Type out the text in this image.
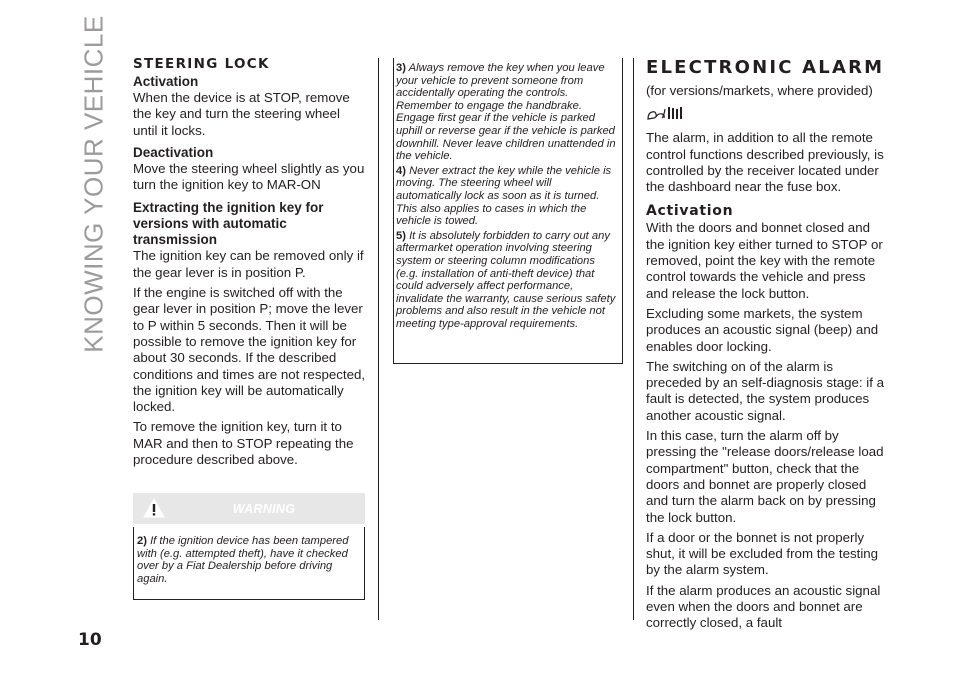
KNOWING YOUR VEHICLE
10
STEERING LOCK
Activation

When the device is at STOP, remove the key and turn the steering wheel until it locks.

Deactivation

Move the steering wheel slightly as you turn the ignition key to MAR-ON

Extracting the ignition key for versions with automatic transmission

The ignition key can be removed only if the gear lever is in position P.

If the engine is switched off with the gear lever in position P; move the lever to P within 5 seconds. Then it will be possible to remove the ignition key for about 30 seconds. If the described conditions and times are not respected, the ignition key will be automatically locked.

To remove the ignition key, turn it to MAR and then to STOP repeating the procedure described above.

WARNING

2) If the ignition device has been tampered with (e.g. attempted theft), have it checked over by a Fiat Dealership before driving again.

3) Always remove the key when you leave your vehicle to prevent someone from accidentally operating the controls. Remember to engage the handbrake. Engage first gear if the vehicle is parked uphill or reverse gear if the vehicle is parked downhill. Never leave children unattended in the vehicle.

4) Never extract the key while the vehicle is moving. The steering wheel will automatically lock as soon as it is turned. This also applies to cases in which the vehicle is towed.

5) It is absolutely forbidden to carry out any aftermarket operation involving steering system or steering column modifications (e.g. installation of anti-theft device) that could adversely affect performance, invalidate the warranty, cause serious safety problems and also result in the vehicle not meeting type-approval requirements.

ELECTRONIC ALARM

(for versions/markets, where provided)

The alarm, in addition to all the remote control functions described previously, is controlled by the receiver located under the dashboard near the fuse box.

Activation

With the doors and bonnet closed and the ignition key either turned to STOP or removed, point the key with the remote control towards the vehicle and press and release the lock button.

Excluding some markets, the system produces an acoustic signal (beep) and enables door locking.

The switching on of the alarm is preceded by an self-diagnosis stage: if a fault is detected, the system produces another acoustic signal.

In this case, turn the alarm off by pressing the "release doors/release load compartment" button, check that the doors and bonnet are properly closed and turn the alarm back on by pressing the lock button.

If a door or the bonnet is not properly shut, it will be excluded from the testing by the alarm system.

If the alarm produces an acoustic signal even when the doors and bonnet are correctly closed, a fault
